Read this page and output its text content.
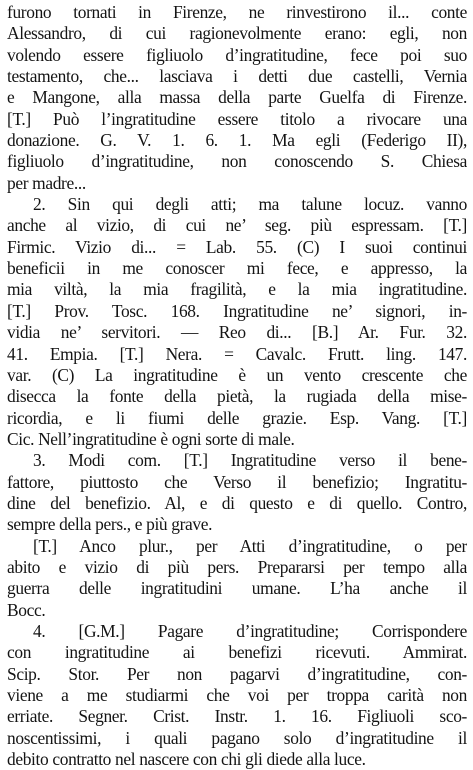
furono tornati in Firenze, ne rinvestirono il... conte
Alessandro, di cui ragionevolmente erano: egli, non
volendo essere figliuolo d’ingratitudine, fece poi suo
testamento, che... lasciava i detti due castelli, Vernia
e Mangone, alla massa della parte Guelfa di Firenze.
[T.] Può l’ingratitudine essere titolo a rivocare una
donazione. G. V. 1. 6. 1. Ma egli (Federigo II),
figliuolo d’ingratitudine, non conoscendo S. Chiesa
per madre...
2. Sin qui degli atti; ma talune locuz. vanno
anche al vizio, di cui ne’ seg. più espressam. [T.]
Firmic. Vizio di... = Lab. 55. (C) I suoi continui
beneficii in me conoscer mi fece, e appresso, la
mia viltà, la mia fragilità, e la mia ingratitudine.
[T.] Prov. Tosc. 168. Ingratitudine ne’ signori, in-
vidia ne’ servitori. — Reo di... [B.] Ar. Fur. 32.
41. Empia. [T.] Nera. = Cavalc. Frutt. ling. 147.
var. (C) La ingratitudine è un vento crescente che
disecca la fonte della pietà, la rugiada della mise-
ricordia, e li fiumi delle grazie. Esp. Vang. [T.]
Cic. Nell’ingratitudine è ogni sorte di male.
3. Modi com. [T.] Ingratitudine verso il bene-
fattore, piuttosto che Verso il benefizio; Ingratitu-
dine del benefizio. Al, e di questo e di quello. Contro,
sempre della pers., e più grave.
[T.] Anco plur., per Atti d’ingratitudine, o per
abito e vizio di più pers. Prepararsi per tempo alla
guerra delle ingratitudini umane. L’ha anche il
Bocc.
4. [G.M.] Pagare d’ingratitudine; Corrispondere
con ingratitudine ai benefizi ricevuti. Ammirat.
Scip. Stor. Per non pagarvi d’ingratitudine, con-
viene a me studiarmi che voi per troppa carità non
erriate. Segner. Crist. Instr. 1. 16. Figliuoli sco-
noscentissimi, i quali pagano solo d’ingratitudine il
debito contratto nel nascere con chi gli diede alla luce.
